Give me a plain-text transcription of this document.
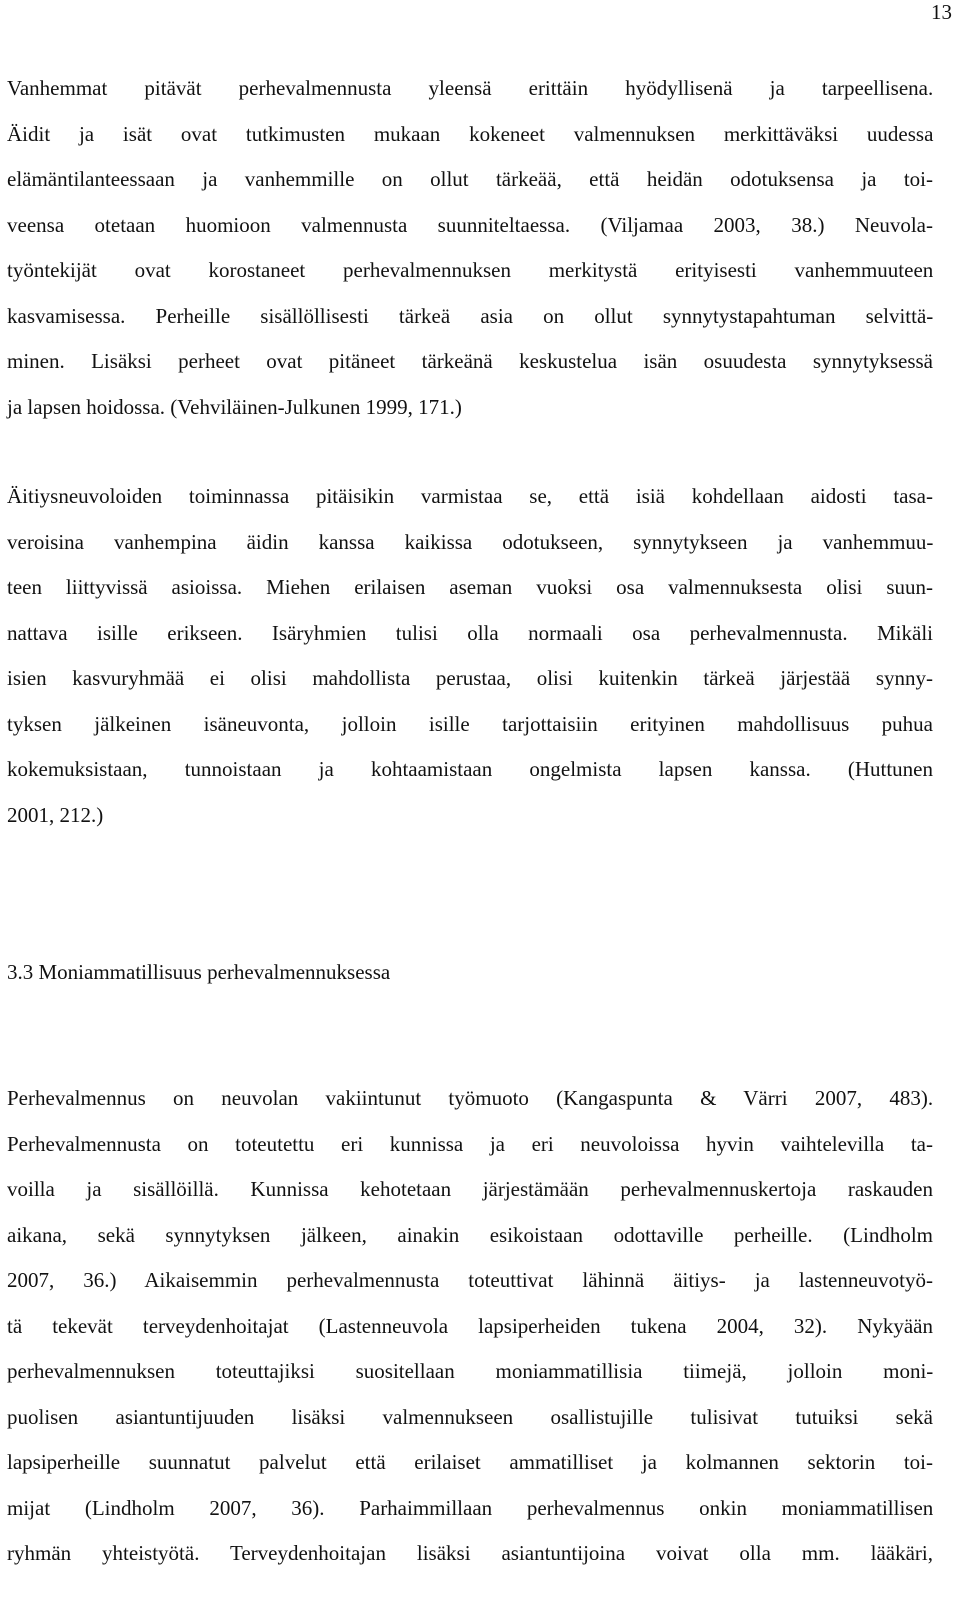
13
Vanhemmat pitävät perhevalmennusta yleensä erittäin hyödyllisenä ja tarpeellisena.
Äidit ja isät ovat tutkimusten mukaan kokeneet valmennuksen merkittäväksi uudessa
elämäntilanteessaan ja vanhemmille on ollut tärkeää, että heidän odotuksensa ja toi-
veensa otetaan huomioon valmennusta suunniteltaessa. (Viljamaa 2003, 38.) Neuvola-
työntekijät ovat korostaneet perhevalmennuksen merkitystä erityisesti vanhemmuuteen
kasvamisessa. Perheille sisällöllisesti tärkeä asia on ollut synnytystapahtuman selvittä-
minen. Lisäksi perheet ovat pitäneet tärkeänä keskustelua isän osuudesta synnytyksessä
ja lapsen hoidossa. (Vehviläinen-Julkunen 1999, 171.)
Äitiysneuvoloiden toiminnassa pitäisikin varmistaa se, että isiä kohdellaan aidosti tasa-
veroisina vanhempina äidin kanssa kaikissa odotukseen, synnytykseen ja vanhemmuu-
teen liittyvissä asioissa. Miehen erilaisen aseman vuoksi osa valmennuksesta olisi suun-
nattava isille erikseen. Isäryhmien tulisi olla normaali osa perhevalmennusta. Mikäli
isien kasvuryhmää ei olisi mahdollista perustaa, olisi kuitenkin tärkeä järjestää synny-
tyksen jälkeinen isäneuvonta, jolloin isille tarjottaisiin erityinen mahdollisuus puhua
kokemuksistaan, tunnoistaan ja kohtaamistaan ongelmista lapsen kanssa. (Huttunen
2001, 212.)
3.3 Moniammatillisuus perhevalmennuksessa
Perhevalmennus on neuvolan vakiintunut työmuoto (Kangaspunta & Värri 2007, 483).
Perhevalmennusta on toteutettu eri kunnissa ja eri neuvoloissa hyvin vaihtelevilla ta-
voilla ja sisällöillä. Kunnissa kehotetaan järjestämään perhevalmennuskertoja raskauden
aikana, sekä synnytyksen jälkeen, ainakin esikoistaan odottaville perheille. (Lindholm
2007, 36.) Aikaisemmin perhevalmennusta toteuttivat lähinnä äitiys- ja lastenneuvotyö-
tä tekevät terveydenhoitajat (Lastenneuvola lapsiperheiden tukena 2004, 32). Nykyään
perhevalmennuksen toteuttajiksi suositellaan moniammatillisia tiimejä, jolloin moni-
puolisen asiantuntijuuden lisäksi valmennukseen osallistujille tulisivat tutuiksi sekä
lapsiperheille suunnatut palvelut että erilaiset ammatilliset ja kolmannen sektorin toi-
mijat (Lindholm 2007, 36). Parhaimmillaan perhevalmennus onkin moniammatillisen
ryhmän yhteistyötä. Terveydenhoitajan lisäksi asiantuntijoina voivat olla mm. lääkäri,
